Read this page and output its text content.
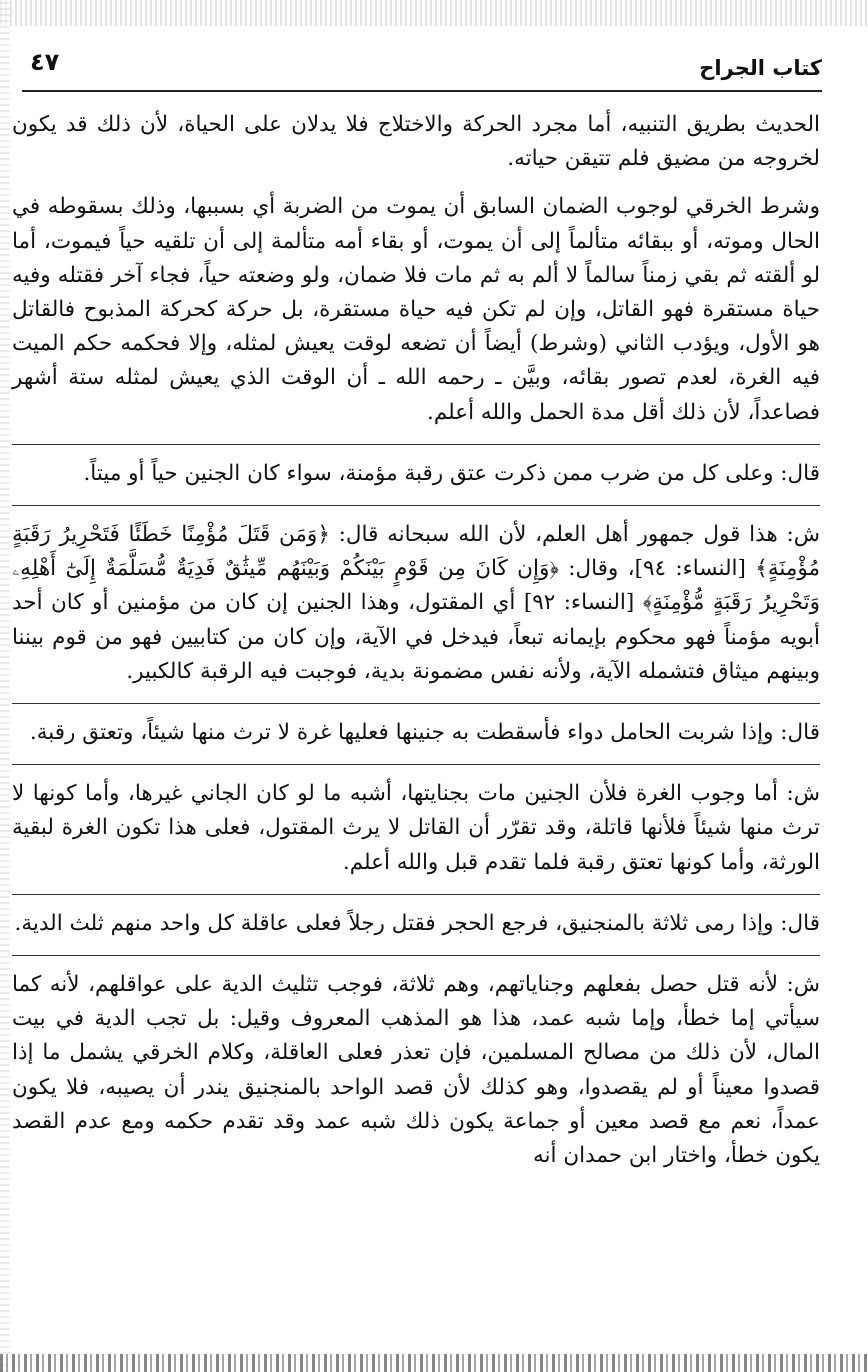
٤٧	كتاب الجراح

الحديث بطريق التنبيه، أما مجرد الحركة والاختلاج فلا يدلان على الحياة، لأن ذلك قد يكون لخروجه من مضيق فلم تتيقن حياته.

وشرط الخرقي لوجوب الضمان السابق أن يموت من الضربة أي بسببها، وذلك بسقوطه في الحال وموته، أو ببقائه متألماً إلى أن يموت، أو بقاء أمه متألمة إلى أن تلقيه حياً فيموت، أما لو ألقته ثم بقي زمناً سالماً لا ألم به ثم مات فلا ضمان، ولو وضعته حياً، فجاء آخر فقتله وفيه حياة مستقرة فهو القاتل، وإن لم تكن فيه حياة مستقرة، بل حركة كحركة المذبوح فالقاتل هو الأول، ويؤدب الثاني (وشرط) أيضاً أن تضعه لوقت يعيش لمثله، وإلا فحكمه حكم الميت فيه الغرة، لعدم تصور بقائه، وبيَّن ـ رحمه الله ـ أن الوقت الذي يعيش لمثله ستة أشهر فصاعداً، لأن ذلك أقل مدة الحمل والله أعلم.

قال: وعلى كل من ضرب ممن ذكرت عتق رقبة مؤمنة، سواء كان الجنين حياً أو ميتاً.

ش: هذا قول جمهور أهل العلم، لأن الله سبحانه قال: ﴿وَمَن قَتَلَ مُؤْمِنًا خَطَئًا فَتَحْرِيرُ رَقَبَةٍ مُؤْمِنَةٍ﴾ [النساء: ٩٤]، وقال: ﴿وَإِن كَانَ مِن قَوْمٍ بَيْنَكُمْ وَبَيْنَهُم مِّيثَٰقٌ فَدِيَةٌ مُّسَلَّمَةٌ إِلَىٰٓ أَهْلِهِۦ وَتَحْرِيرُ رَقَبَةٍ مُّؤْمِنَةٍ﴾ [النساء: ٩٢] أي المقتول، وهذا الجنين إن كان من مؤمنين أو كان أحد أبويه مؤمناً فهو محكوم بإيمانه تبعاً، فيدخل في الآية، وإن كان من كتابيين فهو من قوم بيننا وبينهم ميثاق فتشمله الآية، ولأنه نفس مضمونة بدية، فوجبت فيه الرقبة كالكبير.

قال: وإذا شربت الحامل دواء فأسقطت به جنينها فعليها غرة لا ترث منها شيئاً، وتعتق رقبة.

ش: أما وجوب الغرة فلأن الجنين مات بجنايتها، أشبه ما لو كان الجاني غيرها، وأما كونها لا ترث منها شيئاً فلأنها قاتلة، وقد تقرّر أن القاتل لا يرث المقتول، فعلى هذا تكون الغرة لبقية الورثة، وأما كونها تعتق رقبة فلما تقدم قبل والله أعلم.

قال: وإذا رمى ثلاثة بالمنجنيق، فرجع الحجر فقتل رجلاً فعلى عاقلة كل واحد منهم ثلث الدية.

ش: لأنه قتل حصل بفعلهم وجناياتهم، وهم ثلاثة، فوجب تثليث الدية على عواقلهم، لأنه كما سيأتي إما خطأ، وإما شبه عمد، هذا هو المذهب المعروف وقيل: بل تجب الدية في بيت المال، لأن ذلك من مصالح المسلمين، فإن تعذر فعلى العاقلة، وكلام الخرقي يشمل ما إذا قصدوا معيناً أو لم يقصدوا، وهو كذلك لأن قصد الواحد بالمنجنيق يندر أن يصيبه، فلا يكون عمداً، نعم مع قصد معين أو جماعة يكون ذلك شبه عمد وقد تقدم حكمه ومع عدم القصد يكون خطأ، واختار ابن حمدان أنه
